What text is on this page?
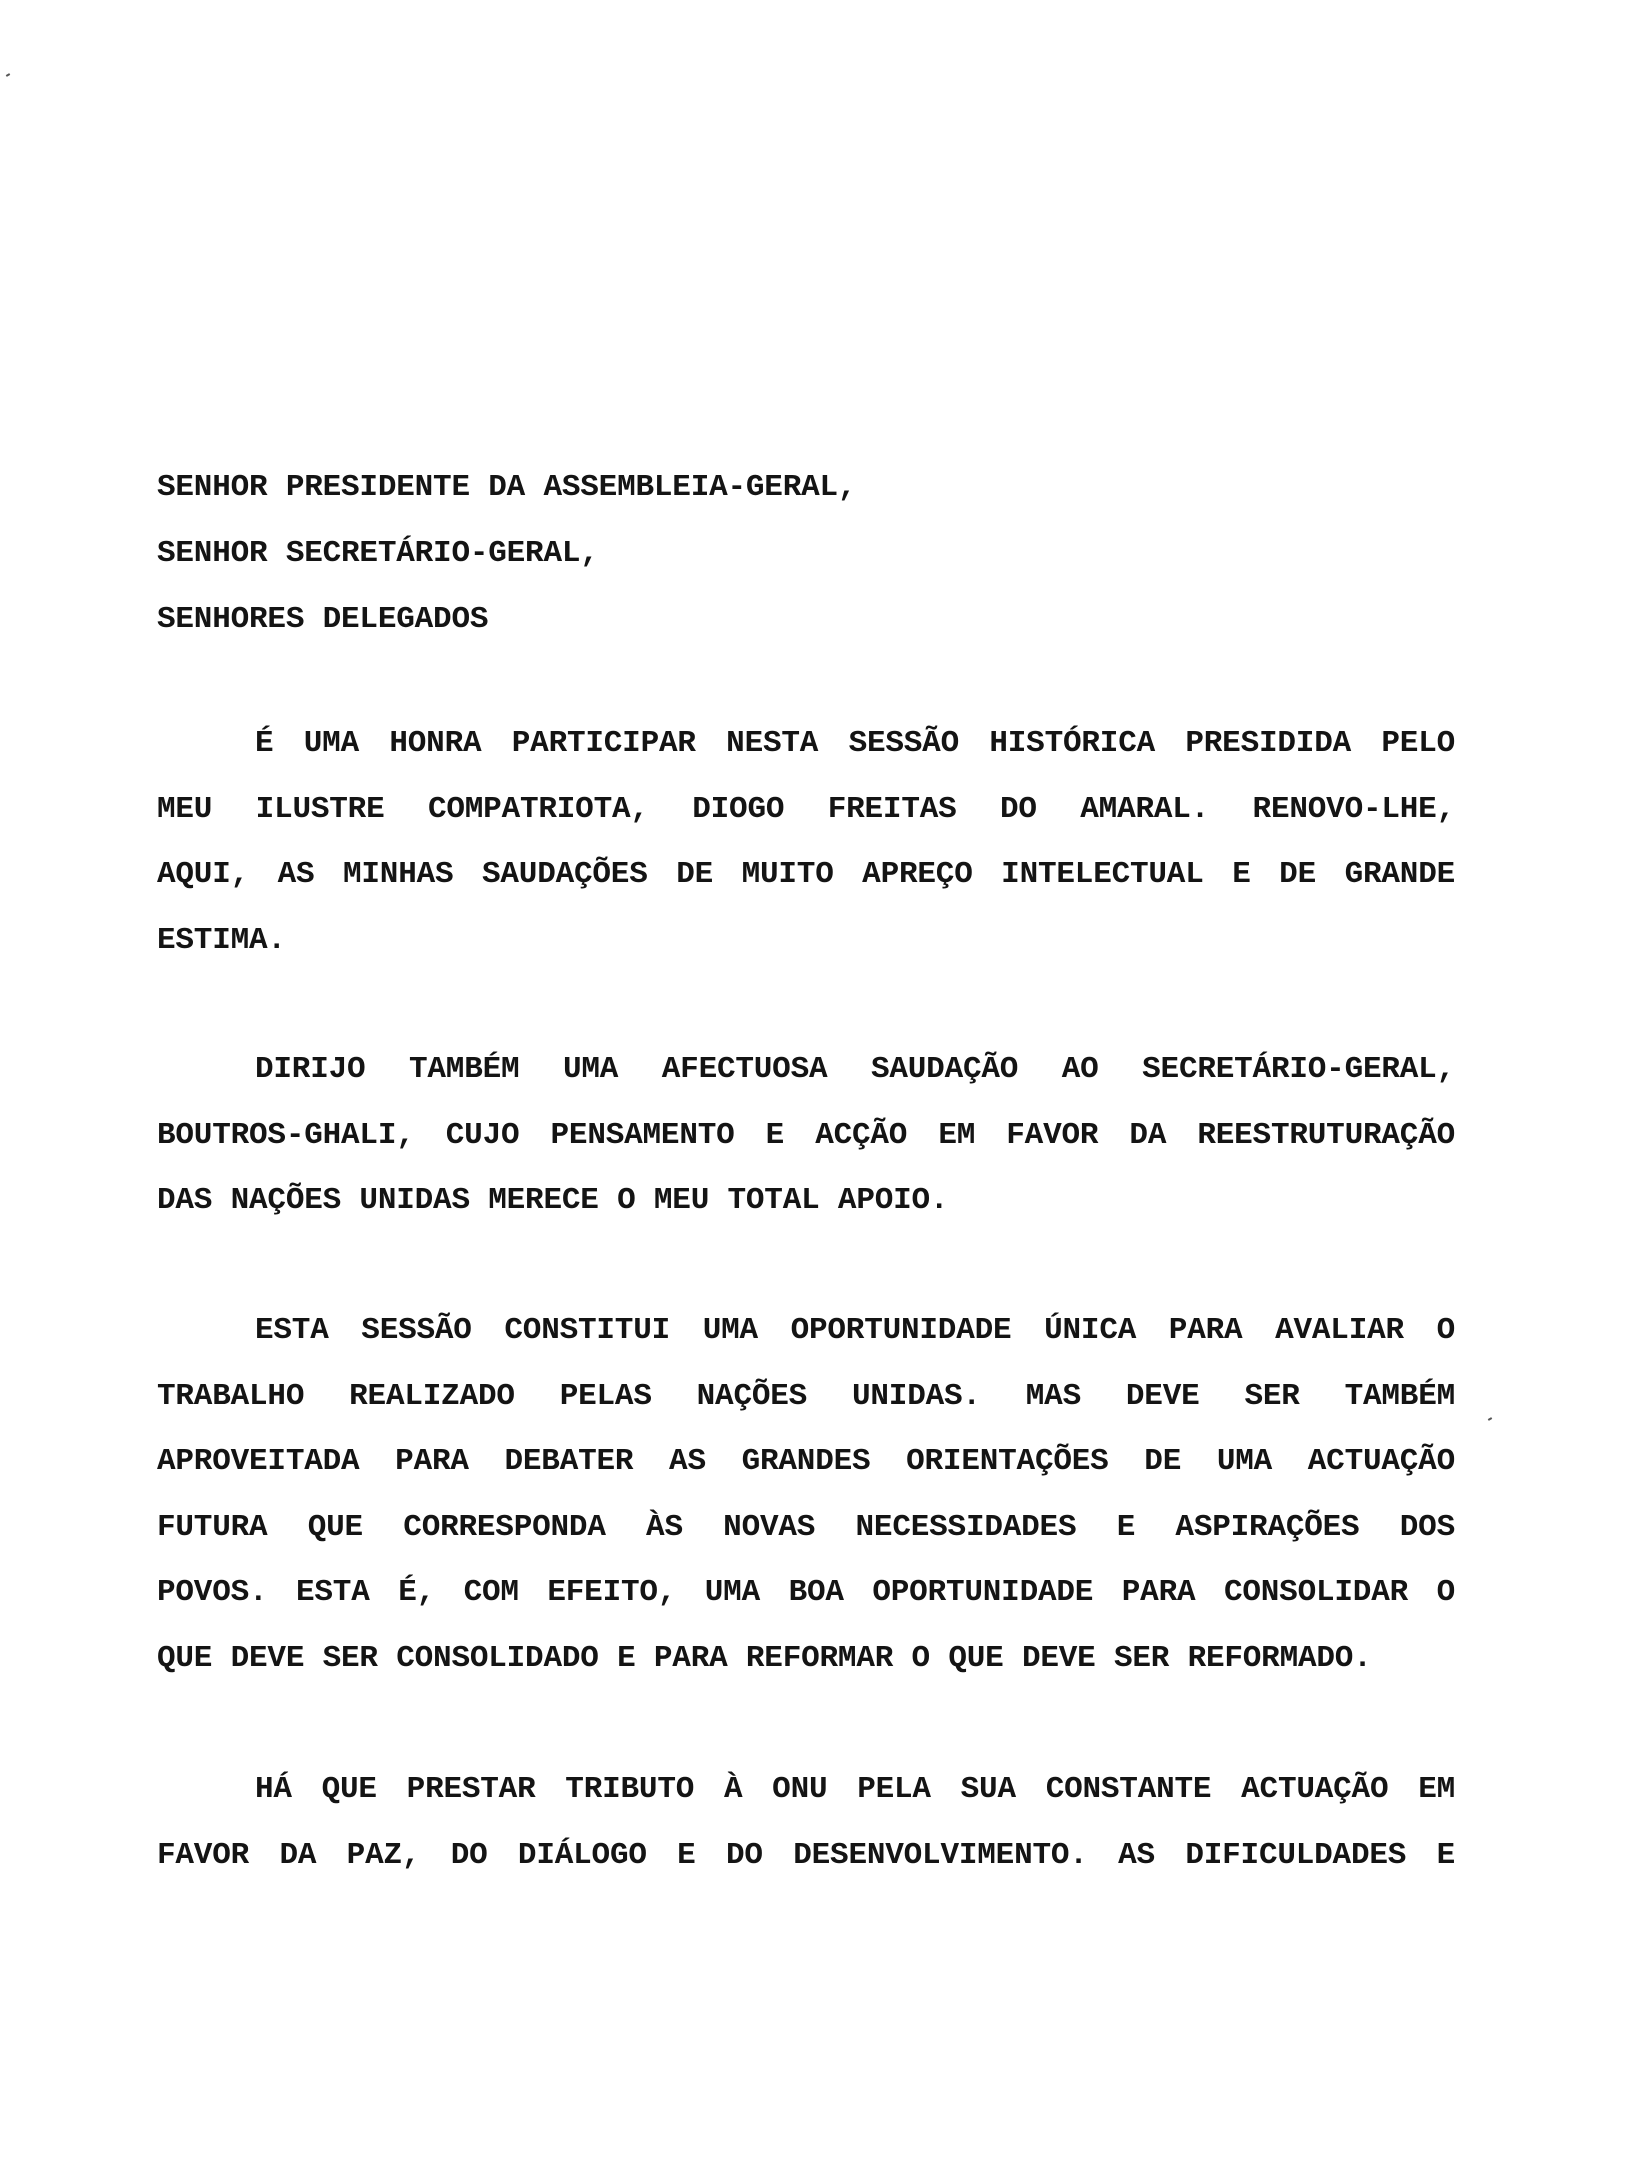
SENHOR PRESIDENTE DA ASSEMBLEIA-GERAL,
SENHOR SECRETÁRIO-GERAL,
SENHORES DELEGADOS
É UMA HONRA PARTICIPAR NESTA SESSÃO HISTÓRICA PRESIDIDA PELO
MEU ILUSTRE COMPATRIOTA, DIOGO FREITAS DO AMARAL. RENOVO-LHE,
AQUI, AS MINHAS SAUDAÇÕES DE MUITO APREÇO INTELECTUAL E DE GRANDE
ESTIMA.
DIRIJO TAMBÉM UMA AFECTUOSA SAUDAÇÃO AO SECRETÁRIO-GERAL,
BOUTROS-GHALI, CUJO PENSAMENTO E ACÇÃO EM FAVOR DA REESTRUTURAÇÃO
DAS NAÇÕES UNIDAS MERECE O MEU TOTAL APOIO.
ESTA SESSÃO CONSTITUI UMA OPORTUNIDADE ÚNICA PARA AVALIAR O
TRABALHO REALIZADO PELAS NAÇÕES UNIDAS. MAS DEVE SER TAMBÉM
APROVEITADA PARA DEBATER AS GRANDES ORIENTAÇÕES DE UMA ACTUAÇÃO
FUTURA QUE CORRESPONDA ÀS NOVAS NECESSIDADES E ASPIRAÇÕES DOS
POVOS. ESTA É, COM EFEITO, UMA BOA OPORTUNIDADE PARA CONSOLIDAR O
QUE DEVE SER CONSOLIDADO E PARA REFORMAR O QUE DEVE SER REFORMADO.
HÁ QUE PRESTAR TRIBUTO À ONU PELA SUA CONSTANTE ACTUAÇÃO EM
FAVOR DA PAZ, DO DIÁLOGO E DO DESENVOLVIMENTO. AS DIFICULDADES E
